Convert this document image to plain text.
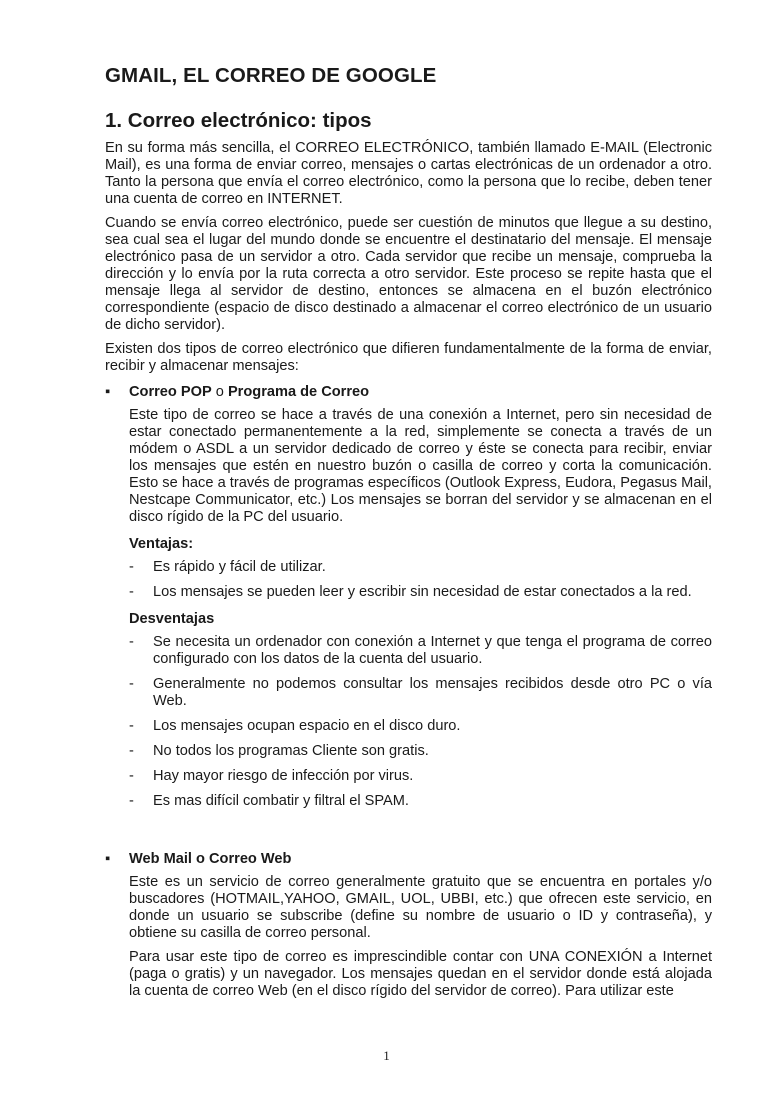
GMAIL, EL CORREO DE GOOGLE
1. Correo electrónico: tipos

En su forma más sencilla, el CORREO ELECTRÓNICO, también llamado E-MAIL (Electronic Mail), es una forma de enviar correo, mensajes o cartas electrónicas de un ordenador a otro. Tanto la persona que envía el correo electrónico, como la persona que lo recibe, deben tener una cuenta de correo en INTERNET.

Cuando se envía correo electrónico, puede ser cuestión de minutos que llegue a su destino, sea cual sea el lugar del mundo donde se encuentre el destinatario del mensaje. El mensaje electrónico pasa de un servidor a otro. Cada servidor que recibe un mensaje, comprueba la dirección y lo envía por la ruta correcta a otro servidor. Este proceso se repite hasta que el mensaje llega al servidor de destino, entonces se almacena en el buzón electrónico correspondiente (espacio de disco destinado a almacenar el correo electrónico de un usuario de dicho servidor).

Existen dos tipos de correo electrónico que difieren fundamentalmente de la forma de enviar, recibir y almacenar mensajes:

▪ Correo POP o Programa de Correo

Este tipo de correo se hace a través de una conexión a Internet, pero sin necesidad de estar conectado permanentemente a la red, simplemente se conecta a través de un módem o ASDL a un servidor dedicado de correo y éste se conecta para recibir, enviar los mensajes que estén en nuestro buzón o casilla de correo y corta la comunicación. Esto se hace a través de programas específicos (Outlook Express, Eudora, Pegasus Mail, Nestcape Communicator, etc.) Los mensajes se borran del servidor y se almacenan en el disco rígido de la PC del usuario.

Ventajas:
- Es rápido y fácil de utilizar.
- Los mensajes se pueden leer y escribir sin necesidad de estar conectados a la red.
Desventajas
- Se necesita un ordenador con conexión a Internet y que tenga el programa de correo configurado con los datos de la cuenta del usuario.
- Generalmente no podemos consultar los mensajes recibidos desde otro PC o vía Web.
- Los mensajes ocupan espacio en el disco duro.
- No todos los programas Cliente son gratis.
- Hay mayor riesgo de infección por virus.
- Es mas difícil combatir y filtral el SPAM.
▪ Web Mail o Correo Web

Este es un servicio de correo generalmente gratuito que se encuentra en portales y/o buscadores (HOTMAIL,YAHOO, GMAIL, UOL, UBBI, etc.) que ofrecen este servicio, en donde un usuario se subscribe (define su nombre de usuario o ID y contraseña), y obtiene su casilla de correo personal.

Para usar este tipo de correo es imprescindible contar con UNA CONEXIÓN a Internet (paga o gratis) y un navegador. Los mensajes quedan en el servidor donde está alojada la cuenta de correo Web (en el disco rígido del servidor de correo). Para utilizar este

1
